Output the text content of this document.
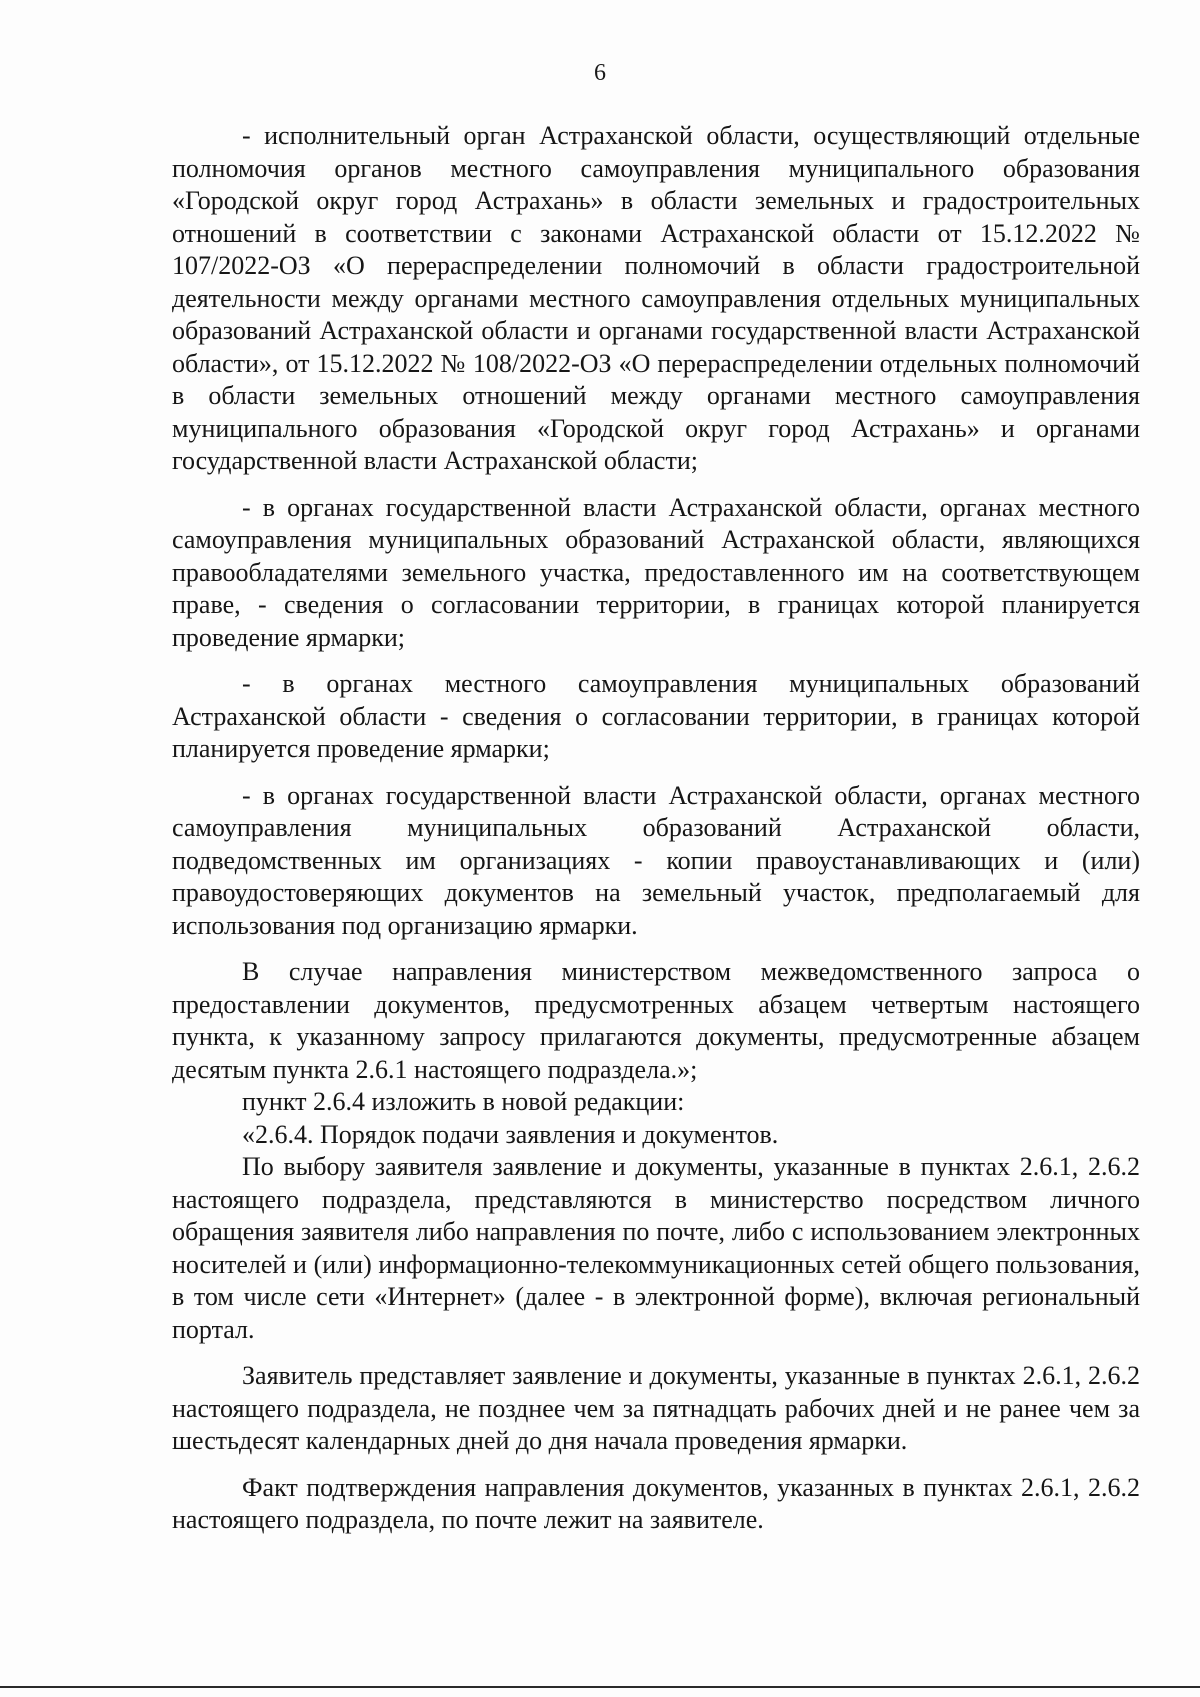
6

- исполнительный орган Астраханской области, осуществляющий отдельные полномочия органов местного самоуправления муниципального образования «Городской округ город Астрахань» в области земельных и градостроительных отношений в соответствии с законами Астраханской области от 15.12.2022 № 107/2022-ОЗ «О перераспределении полномочий в области градостроительной деятельности между органами местного самоуправления отдельных муниципальных образований Астраханской области и органами государственной власти Астраханской области», от 15.12.2022 № 108/2022-ОЗ «О перераспределении отдельных полномочий в области земельных отношений между органами местного самоуправления муниципального образования «Городской округ город Астрахань» и органами государственной власти Астраханской области;

- в органах государственной власти Астраханской области, органах местного самоуправления муниципальных образований Астраханской области, являющихся правообладателями земельного участка, предоставленного им на соответствующем праве, - сведения о согласовании территории, в границах которой планируется проведение ярмарки;

- в органах местного самоуправления муниципальных образований Астраханской области - сведения о согласовании территории, в границах которой планируется проведение ярмарки;

- в органах государственной власти Астраханской области, органах местного самоуправления муниципальных образований Астраханской области, подведомственных им организациях - копии правоустанавливающих и (или) правоудостоверяющих документов на земельный участок, предполагаемый для использования под организацию ярмарки.

В случае направления министерством межведомственного запроса о предоставлении документов, предусмотренных абзацем четвертым настоящего пункта, к указанному запросу прилагаются документы, предусмотренные абзацем десятым пункта 2.6.1 настоящего подраздела.»;

пункт 2.6.4 изложить в новой редакции:

«2.6.4. Порядок подачи заявления и документов.

По выбору заявителя заявление и документы, указанные в пунктах 2.6.1, 2.6.2 настоящего подраздела, представляются в министерство посредством личного обращения заявителя либо направления по почте, либо с использованием электронных носителей и (или) информационно-телекоммуникационных сетей общего пользования, в том числе сети «Интернет» (далее - в электронной форме), включая региональный портал.

Заявитель представляет заявление и документы, указанные в пунктах 2.6.1, 2.6.2 настоящего подраздела, не позднее чем за пятнадцать рабочих дней и не ранее чем за шестьдесят календарных дней до дня начала проведения ярмарки.

Факт подтверждения направления документов, указанных в пунктах 2.6.1, 2.6.2 настоящего подраздела, по почте лежит на заявителе.
